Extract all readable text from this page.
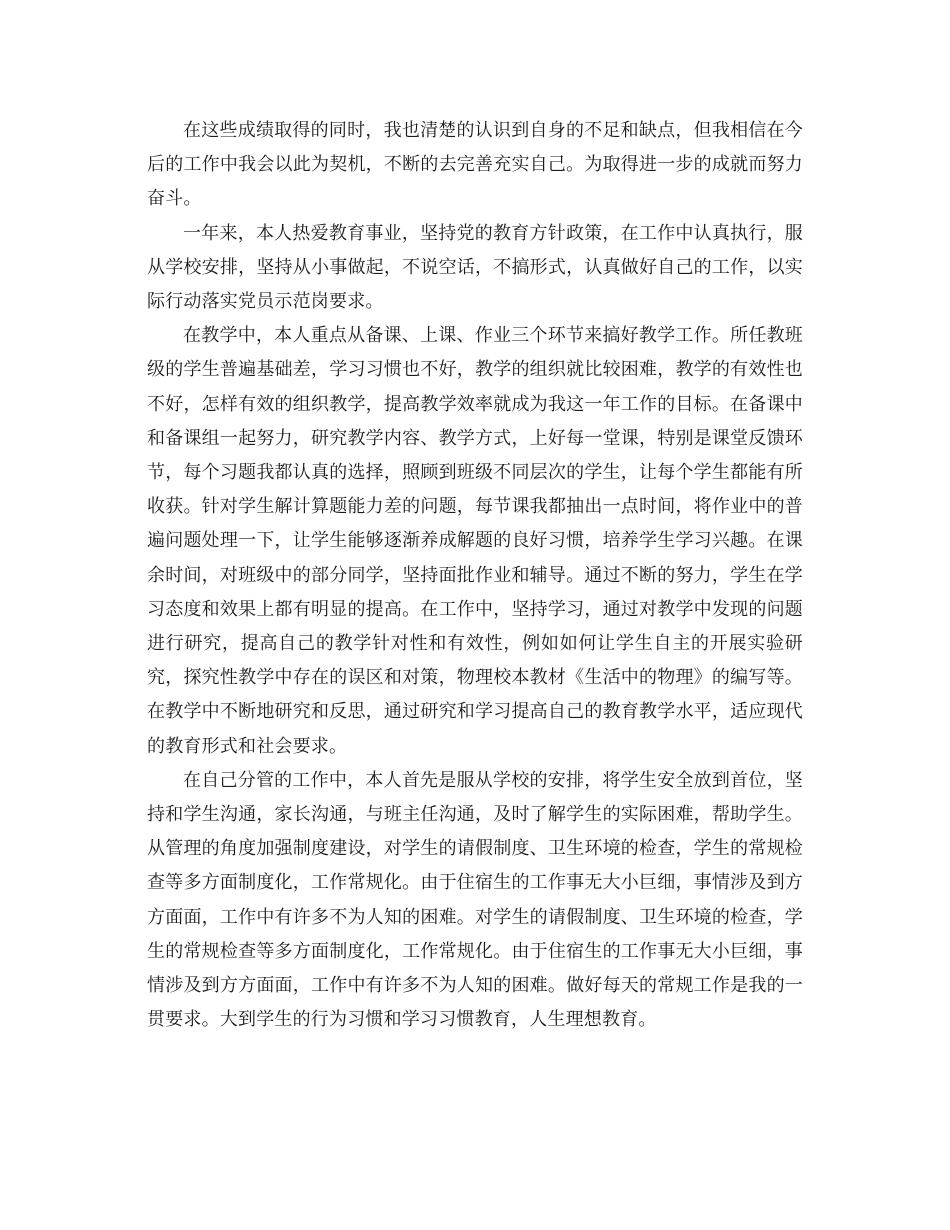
在这些成绩取得的同时，我也清楚的认识到自身的不足和缺点，但我相信在今后的工作中我会以此为契机，不断的去完善充实自己。为取得进一步的成就而努力奋斗。

一年来，本人热爱教育事业，坚持党的教育方针政策，在工作中认真执行，服从学校安排，坚持从小事做起，不说空话，不搞形式，认真做好自己的工作，以实际行动落实党员示范岗要求。

在教学中，本人重点从备课、上课、作业三个环节来搞好教学工作。所任教班级的学生普遍基础差，学习习惯也不好，教学的组织就比较困难，教学的有效性也不好，怎样有效的组织教学，提高教学效率就成为我这一年工作的目标。在备课中和备课组一起努力，研究教学内容、教学方式，上好每一堂课，特别是课堂反馈环节，每个习题我都认真的选择，照顾到班级不同层次的学生，让每个学生都能有所收获。针对学生解计算题能力差的问题，每节课我都抽出一点时间，将作业中的普遍问题处理一下，让学生能够逐渐养成解题的良好习惯，培养学生学习兴趣。在课余时间，对班级中的部分同学，坚持面批作业和辅导。通过不断的努力，学生在学习态度和效果上都有明显的提高。在工作中，坚持学习，通过对教学中发现的问题进行研究，提高自己的教学针对性和有效性，例如如何让学生自主的开展实验研究，探究性教学中存在的误区和对策，物理校本教材《生活中的物理》的编写等。在教学中不断地研究和反思，通过研究和学习提高自己的教育教学水平，适应现代的教育形式和社会要求。

在自己分管的工作中，本人首先是服从学校的安排，将学生安全放到首位，坚持和学生沟通，家长沟通，与班主任沟通，及时了解学生的实际困难，帮助学生。从管理的角度加强制度建设，对学生的请假制度、卫生环境的检查，学生的常规检查等多方面制度化，工作常规化。由于住宿生的工作事无大小巨细，事情涉及到方方面面，工作中有许多不为人知的困难。对学生的请假制度、卫生环境的检查，学生的常规检查等多方面制度化，工作常规化。由于住宿生的工作事无大小巨细，事情涉及到方方面面，工作中有许多不为人知的困难。做好每天的常规工作是我的一贯要求。大到学生的行为习惯和学习习惯教育，人生理想教育。
